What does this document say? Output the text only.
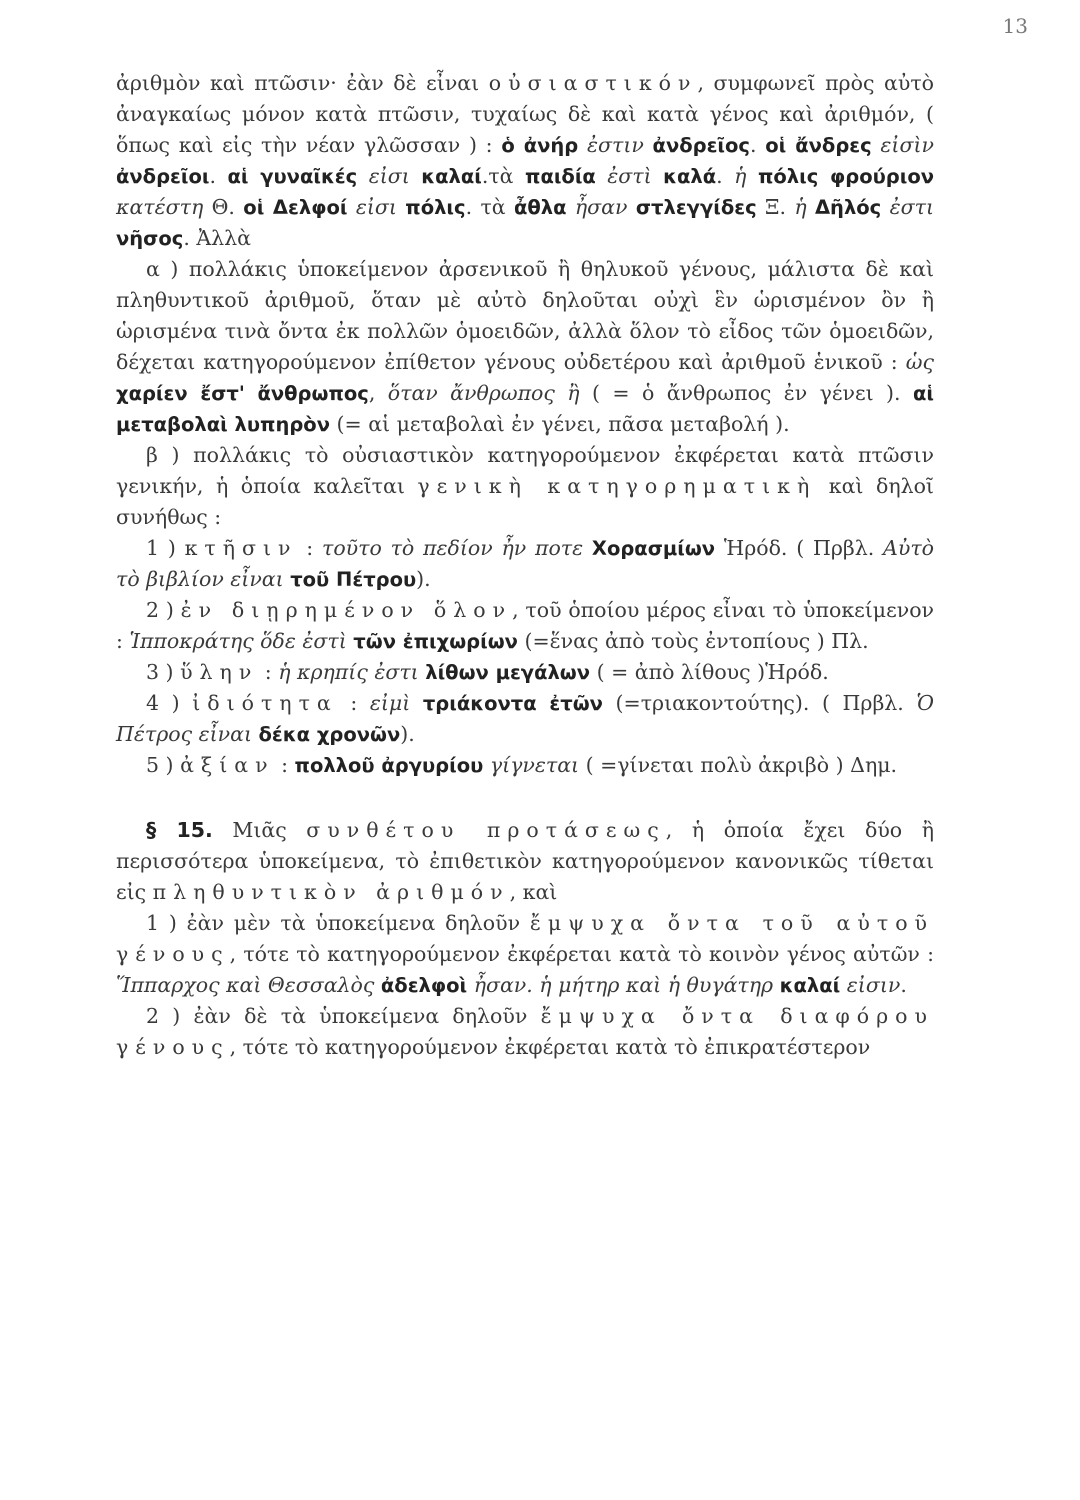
13

ἀριθμὸν καὶ πτῶσιν· ἐὰν δὲ εἶναι οὐσιαστικόν, συμφωνεῖ πρὸς αὐτὸ ἀναγκαίως μόνον κατὰ πτῶσιν, τυχαίως δὲ καὶ κατὰ γένος καὶ ἀριθμόν, ( ὅπως καὶ εἰς τὴν νέαν γλῶσσαν ) : ὁ ἀνήρ ἐστιν ἀνδρεῖος. οἱ ἄνδρες εἰσὶν ἀνδρεῖοι. αἱ γυναῖκές εἰσι καλαί.τὰ παιδία ἐστὶ καλά. ἡ πόλις φρούριον κατέστη Θ. οἱ Δελφοί εἰσι πόλις. τὰ ἆθλα ἦσαν στλεγγίδες Ξ. ἡ Δῆλός ἐστι νῆσος. Ἀλλὰ

α ) πολλάκις ὑποκείμενον ἀρσενικοῦ ἢ θηλυκοῦ γένους, μάλιστα δὲ καὶ πληθυντικοῦ ἀριθμοῦ, ὅταν μὲ αὐτὸ δηλοῦται οὐχὶ ἓν ὡρισμένον ὂν ἢ ὡρισμένα τινὰ ὄντα ἐκ πολλῶν ὁμοειδῶν, ἀλλὰ ὅλον τὸ εἶδος τῶν ὁμοειδῶν, δέχεται κατηγορούμενον ἐπίθετον γένους οὐδετέρου καὶ ἀριθμοῦ ἑνικοῦ : ὡς χαρίεν ἔστ' ἄνθρωπος, ὅταν ἄνθρωπος ἢ ( = ὁ ἄνθρωπος ἐν γένει ). αἱ μεταβολαὶ λυπηρὸν (= αἱ μεταβολαὶ ἐν γένει, πᾶσα μεταβολή ).

β ) πολλάκις τὸ οὐσιαστικὸν κατηγορούμενον ἐκφέρεται κατὰ πτῶσιν γενικήν, ἡ ὁποία καλεῖται γενικὴ κατηγορηματικὴ καὶ δηλοῖ συνήθως :

1 ) κτῆσιν : τοῦτο τὸ πεδίον ἦν ποτε Χορασμίων Ἡρόδ. ( Πρβλ. Αὐτὸ τὸ βιβλίον εἶναι τοῦ Πέτρου).

2 ) ἐν διῃρημένον ὅλον, τοῦ ὁποίου μέρος εἶναι τὸ ὑποκείμενον : Ἱπποκράτης ὅδε ἐστὶ τῶν ἐπιχωρίων (=ἕνας ἀπὸ τοὺς ἐντοπίους ) Πλ.

3 ) ὕλην : ἡ κρηπίς ἐστι λίθων μεγάλων ( = ἀπὸ λίθους )Ἡρόδ.

4 ) ἰδιότητα : εἰμὶ τριάκοντα ἐτῶν (=τριακοντούτης). ( Πρβλ. Ὁ Πέτρος εἶναι δέκα χρονῶν).

5 ) ἀξίαν : πολλοῦ ἀργυρίου γίγνεται ( =γίνεται πολὺ ἀκριβὸ ) Δημ.

§ 15. Μιᾶς συνθέτου προτάσεως, ἡ ὁποία ἔχει δύο ἢ περισσότερα ὑποκείμενα, τὸ ἐπιθετικὸν κατηγορούμενον κανονικῶς τίθεται εἰς πληθυντικὸν ἀριθμόν, καὶ

1 ) ἐὰν μὲν τὰ ὑποκείμενα δηλοῦν ἔμψυχα ὄντα τοῦ αὐτοῦ γένους, τότε τὸ κατηγορούμενον ἐκφέρεται κατὰ τὸ κοινὸν γένος αὐτῶν : Ἵππαρχος καὶ Θεσσαλὸς ἀδελφοὶ ἦσαν. ἡ μήτηρ καὶ ἡ θυγάτηρ καλαί εἰσιν.

2 ) ἐὰν δὲ τὰ ὑποκείμενα δηλοῦν ἔμψυχα ὄντα διαφόρου γένους, τότε τὸ κατηγορούμενον ἐκφέρεται κατὰ τὸ ἐπικρατέστερον
